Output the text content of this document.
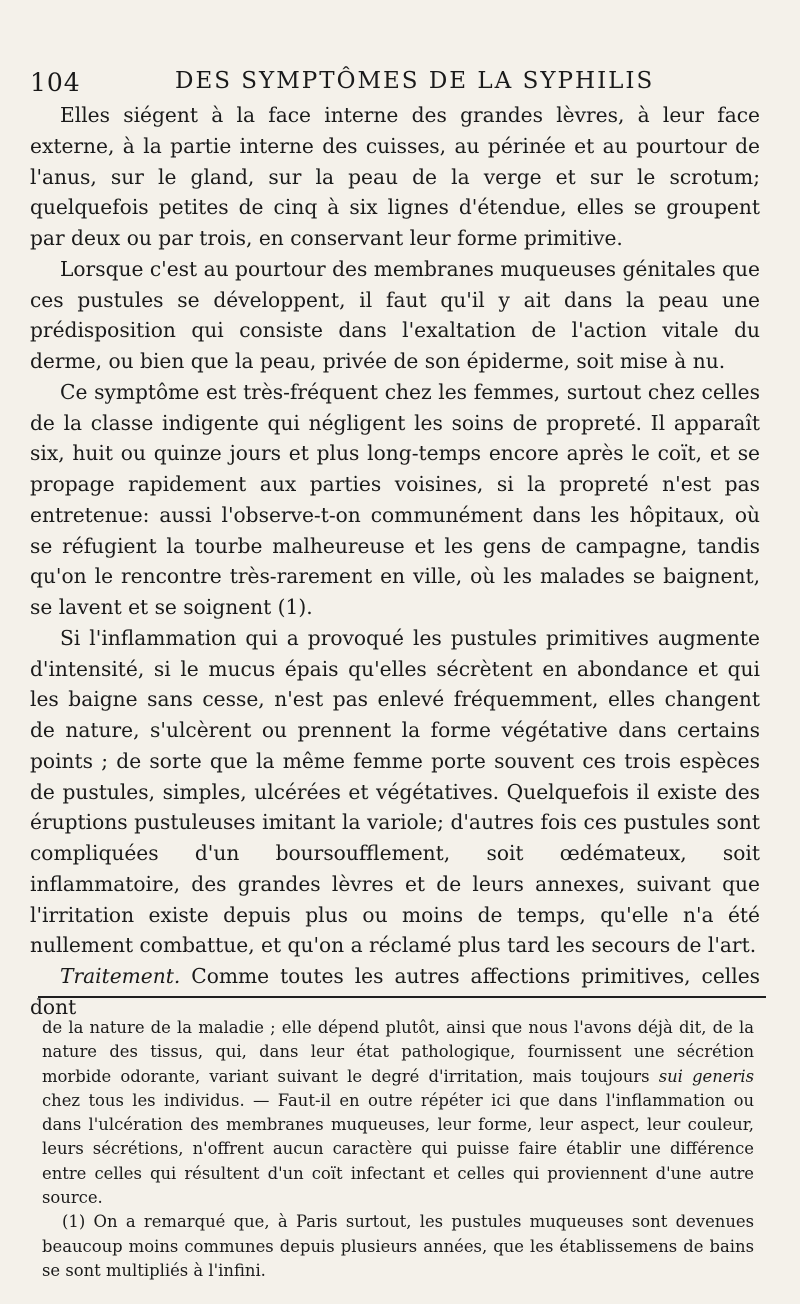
104	DES SYMPTÔMES DE LA SYPHILIS

Elles siégent à la face interne des grandes lèvres, à leur face externe, à la partie interne des cuisses, au périnée et au pourtour de l'anus, sur le gland, sur la peau de la verge et sur le scrotum; quelquefois petites de cinq à six lignes d'étendue, elles se groupent par deux ou par trois, en conservant leur forme primitive.

Lorsque c'est au pourtour des membranes muqueuses génitales que ces pustules se développent, il faut qu'il y ait dans la peau une prédisposition qui consiste dans l'exaltation de l'action vitale du derme, ou bien que la peau, privée de son épiderme, soit mise à nu.

Ce symptôme est très-fréquent chez les femmes, surtout chez celles de la classe indigente qui négligent les soins de propreté. Il apparaît six, huit ou quinze jours et plus long-temps encore après le coït, et se propage rapidement aux parties voisines, si la propreté n'est pas entretenue: aussi l'observe-t-on communément dans les hôpitaux, où se réfugient la tourbe malheureuse et les gens de campagne, tandis qu'on le rencontre très-rarement en ville, où les malades se baignent, se lavent et se soignent (1).

Si l'inflammation qui a provoqué les pustules primitives augmente d'intensité, si le mucus épais qu'elles sécrètent en abondance et qui les baigne sans cesse, n'est pas enlevé fréquemment, elles changent de nature, s'ulcèrent ou prennent la forme végétative dans certains points ; de sorte que la même femme porte souvent ces trois espèces de pustules, simples, ulcérées et végétatives. Quelquefois il existe des éruptions pustuleuses imitant la variole; d'autres fois ces pustules sont compliquées d'un boursoufflement, soit œdémateux, soit inflammatoire, des grandes lèvres et de leurs annexes, suivant que l'irritation existe depuis plus ou moins de temps, qu'elle n'a été nullement combattue, et qu'on a réclamé plus tard les secours de l'art.

Traitement. Comme toutes les autres affections primitives, celles dont

de la nature de la maladie ; elle dépend plutôt, ainsi que nous l'avons déjà dit, de la nature des tissus, qui, dans leur état pathologique, fournissent une sécrétion morbide odorante, variant suivant le degré d'irritation, mais toujours sui generis chez tous les individus. — Faut-il en outre répéter ici que dans l'inflammation ou dans l'ulcération des membranes muqueuses, leur forme, leur aspect, leur couleur, leurs sécrétions, n'offrent aucun caractère qui puisse faire établir une différence entre celles qui résultent d'un coït infectant et celles qui proviennent d'une autre source.

(1) On a remarqué que, à Paris surtout, les pustules muqueuses sont devenues beaucoup moins communes depuis plusieurs années, que les établissemens de bains se sont multipliés à l'infini.
